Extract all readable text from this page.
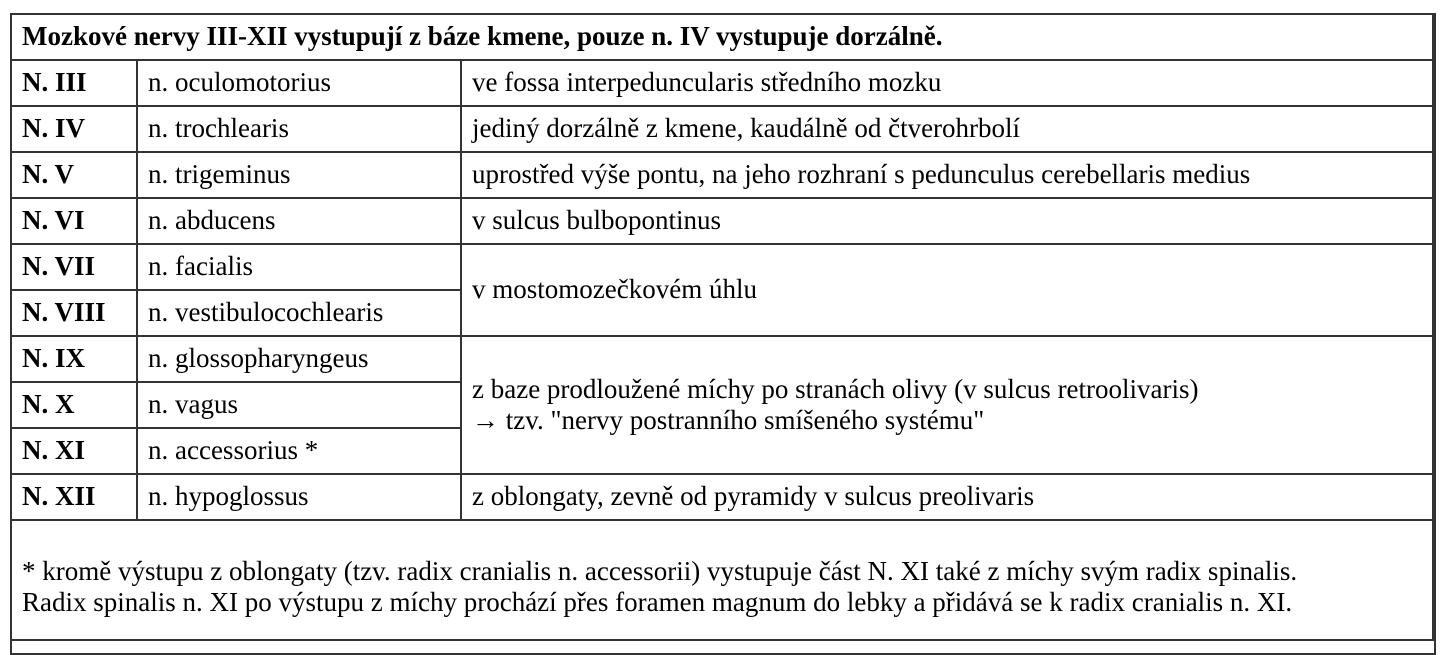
Mozkové nervy III-XII vystupují z báze kmene, pouze n. IV vystupuje dorzálně.		
N. III	n. oculomotorius	ve fossa interpeduncularis středního mozku
N. IV	n. trochlearis	jediný dorzálně z kmene, kaudálně od čtverohrbolí
N. V	n. trigeminus	uprostřed výše pontu, na jeho rozhraní s pedunculus cerebellaris medius
N. VI	n. abducens	v sulcus bulbopontinus
N. VII	n. facialis	v mostomozečkovém úhlu
N. VIII	n. vestibulocochlearis	
N. IX	n. glossopharyngeus	z baze prodloužené míchy po stranách olivy (v sulcus retroolivaris)
→ tzv. "nervy postranního smíšeného systému"

N. X	n. vagus	
N. XI	n. accessorius *	
N. XII	n. hypoglossus	z oblongaty, zevně od pyramidy v sulcus preolivaris

* kromě výstupu z oblongaty (tzv. radix cranialis n. accessorii) vystupuje část N. XI také z míchy svým radix spinalis.
Radix spinalis n. XI po výstupu z míchy prochází přes foramen magnum do lebky a přidává se k radix cranialis n. XI.		
